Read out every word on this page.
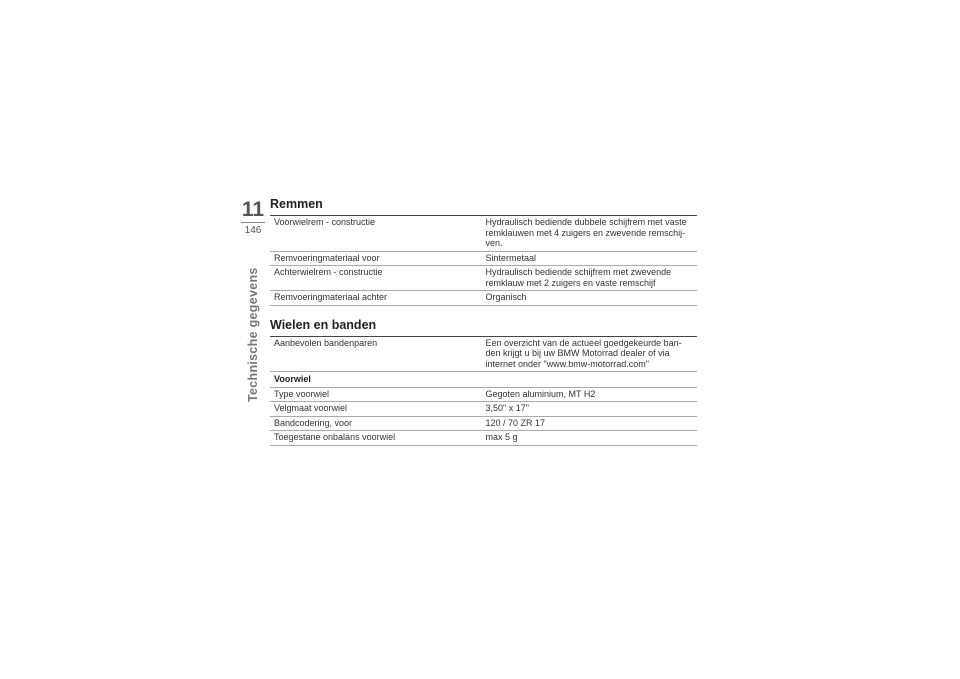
11
146
Technische gegevens
Remmen
Voorwielrem - constructie	Hydraulisch bediende dubbele schijfrem met vaste remklauwen met 4 zuigers en zwevende remschij-ven.
Remvoeringmateriaal voor	Sintermetaal
Achterwielrem - constructie	Hydraulisch bediende schijfrem met zwevende remklauw met 2 zuigers en vaste remschijf
Remvoeringmateriaal achter	Organisch
Wielen en banden
Aanbevolen bandenparen	Een overzicht van de actueel goedgekeurde ban-den krijgt u bij uw BMW Motorrad dealer of via internet onder "www.bmw-motorrad.com"
Voorwiel	
Type voorwiel	Gegoten aluminium, MT H2
Velgmaat voorwiel	3,50" x 17"
Bandcodering, voor	120 / 70 ZR 17
Toegestane onbalans voorwiel	max 5 g
